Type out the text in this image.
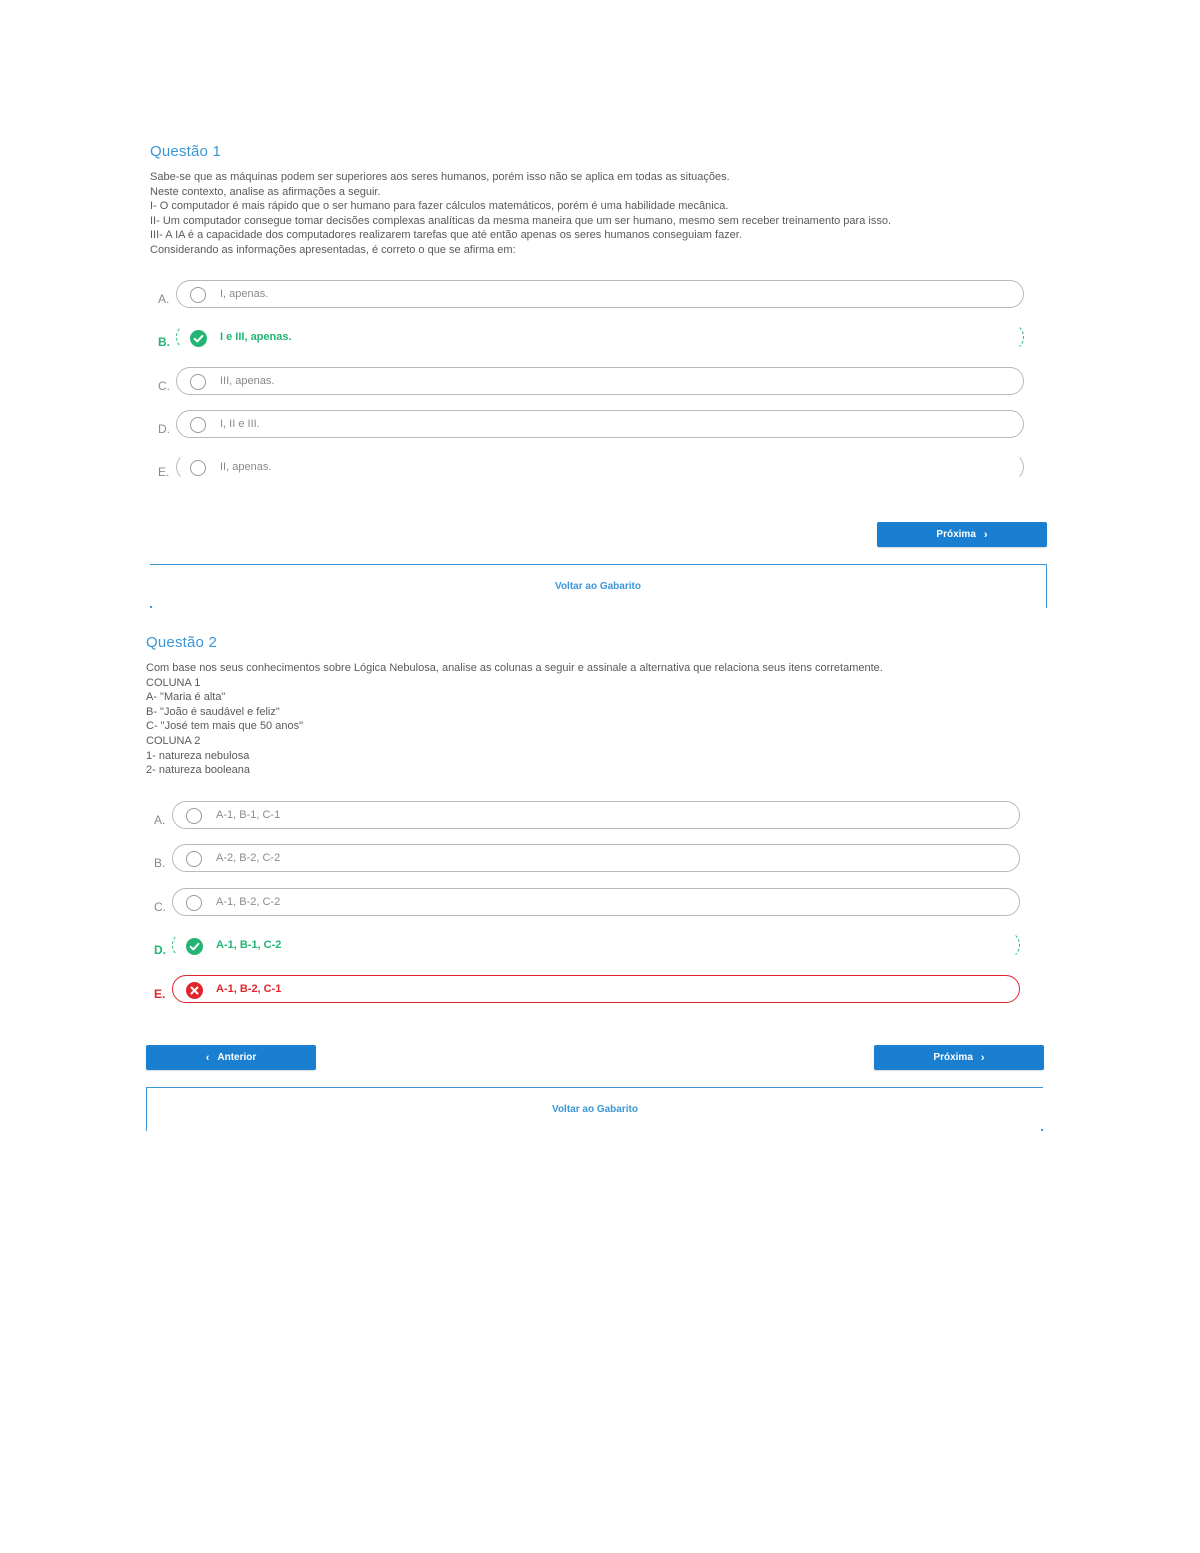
Questão 1
Sabe-se que as máquinas podem ser superiores aos seres humanos, porém isso não se aplica em todas as situações.
Neste contexto, analise as afirmações a seguir.
I- O computador é mais rápido que o ser humano para fazer cálculos matemáticos, porém é uma habilidade mecânica.
II- Um computador consegue tomar decisões complexas analíticas da mesma maneira que um ser humano, mesmo sem receber treinamento para isso.
III- A IA é a capacidade dos computadores realizarem tarefas que até então apenas os seres humanos conseguiam fazer.
Considerando as informações apresentadas, é correto o que se afirma em:
A.	I, apenas.
B.	I e III, apenas.
C.	III, apenas.
D.	I, II e III.
E.	II, apenas.
Próxima ›
Voltar ao Gabarito
Questão 2
Com base nos seus conhecimentos sobre Lógica Nebulosa, analise as colunas a seguir e assinale a alternativa que relaciona seus itens corretamente.
COLUNA 1
A- "Maria é alta"
B- "João é saudável e feliz"
C- "José tem mais que 50 anos"
COLUNA 2
1- natureza nebulosa
2- natureza booleana
A.	A-1, B-1, C-1
B.	A-2, B-2, C-2
C.	A-1, B-2, C-2
D.	A-1, B-1, C-2
E.	A-1, B-2, C-1
‹ Anterior	Próxima ›
Voltar ao Gabarito
